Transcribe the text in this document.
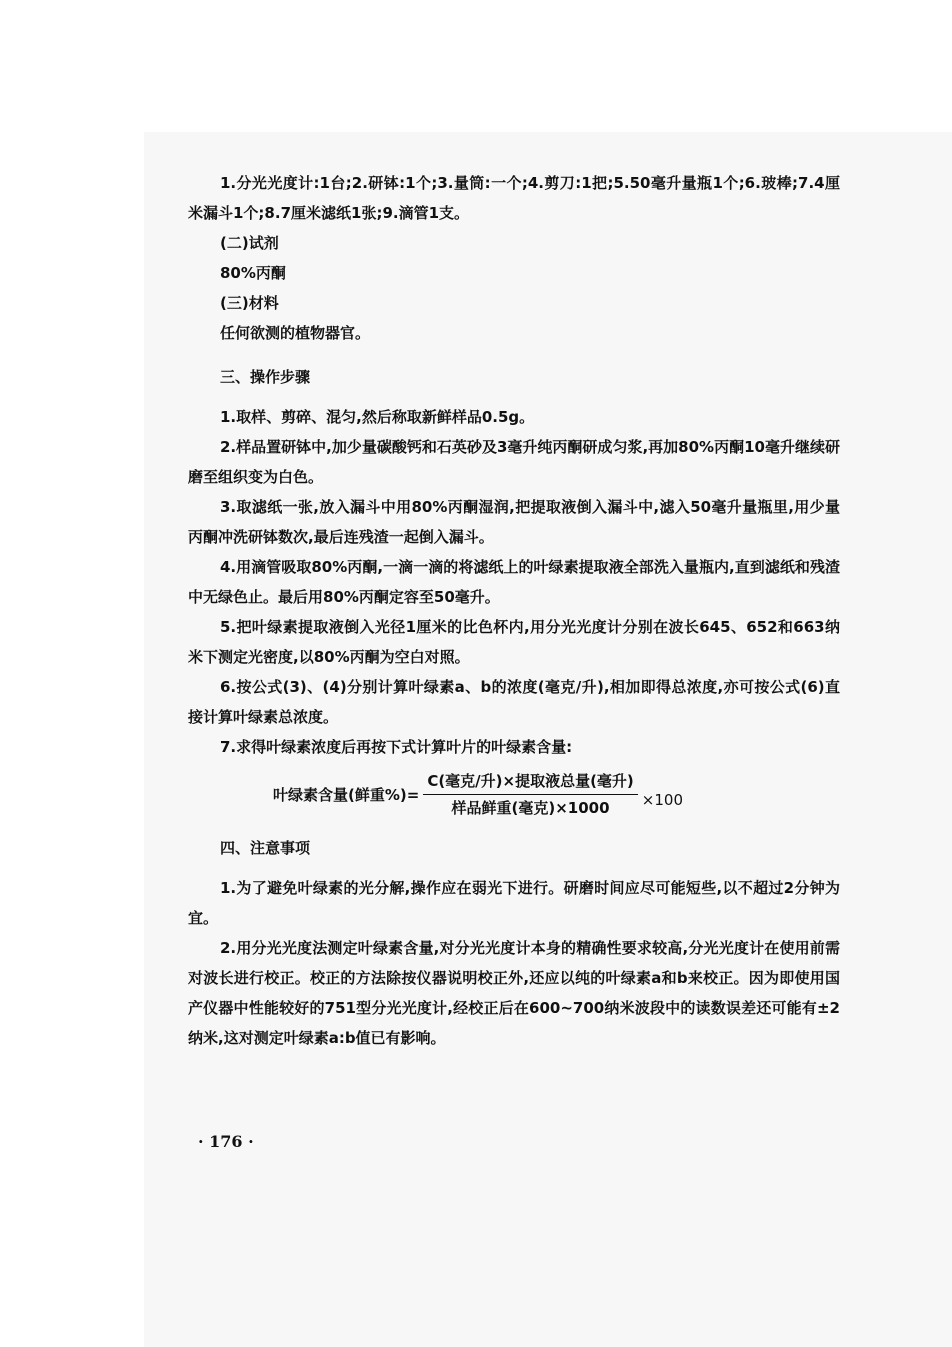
1.分光光度计:1台;2.研钵:1个;3.量筒:一个;4.剪刀:1把;5.50毫升量瓶1个;6.玻棒;7.4厘米漏斗1个;8.7厘米滤纸1张;9.滴管1支。

(二)试剂

80%丙酮

(三)材料

任何欲测的植物器官。

三、操作步骤

1.取样、剪碎、混匀,然后称取新鲜样品0.5g。

2.样品置研钵中,加少量碳酸钙和石英砂及3毫升纯丙酮研成匀浆,再加80%丙酮10毫升继续研磨至组织变为白色。

3.取滤纸一张,放入漏斗中用80%丙酮湿润,把提取液倒入漏斗中,滤入50毫升量瓶里,用少量丙酮冲洗研钵数次,最后连残渣一起倒入漏斗。

4.用滴管吸取80%丙酮,一滴一滴的将滤纸上的叶绿素提取液全部洗入量瓶内,直到滤纸和残渣中无绿色止。最后用80%丙酮定容至50毫升。

5.把叶绿素提取液倒入光径1厘米的比色杯内,用分光光度计分别在波长645、652和663纳米下测定光密度,以80%丙酮为空白对照。

6.按公式(3)、(4)分别计算叶绿素a、b的浓度(毫克/升),相加即得总浓度,亦可按公式(6)直接计算叶绿素总浓度。

7.求得叶绿素浓度后再按下式计算叶片的叶绿素含量:

叶绿素含量(鲜重%)= $\frac{\text{C(毫克/升)×提取液总量(毫升)}}{\text{样品鲜重(毫克)×1000}} \times 100$

四、注意事项

1.为了避免叶绿素的光分解,操作应在弱光下进行。研磨时间应尽可能短些,以不超过2分钟为宜。

2.用分光光度法测定叶绿素含量,对分光光度计本身的精确性要求较高,分光光度计在使用前需对波长进行校正。校正的方法除按仪器说明校正外,还应以纯的叶绿素a和b来校正。因为即使用国产仪器中性能较好的751型分光光度计,经校正后在600~700纳米波段中的读数误差还可能有±2纳米,这对测定叶绿素a:b值已有影响。

· 176 ·
